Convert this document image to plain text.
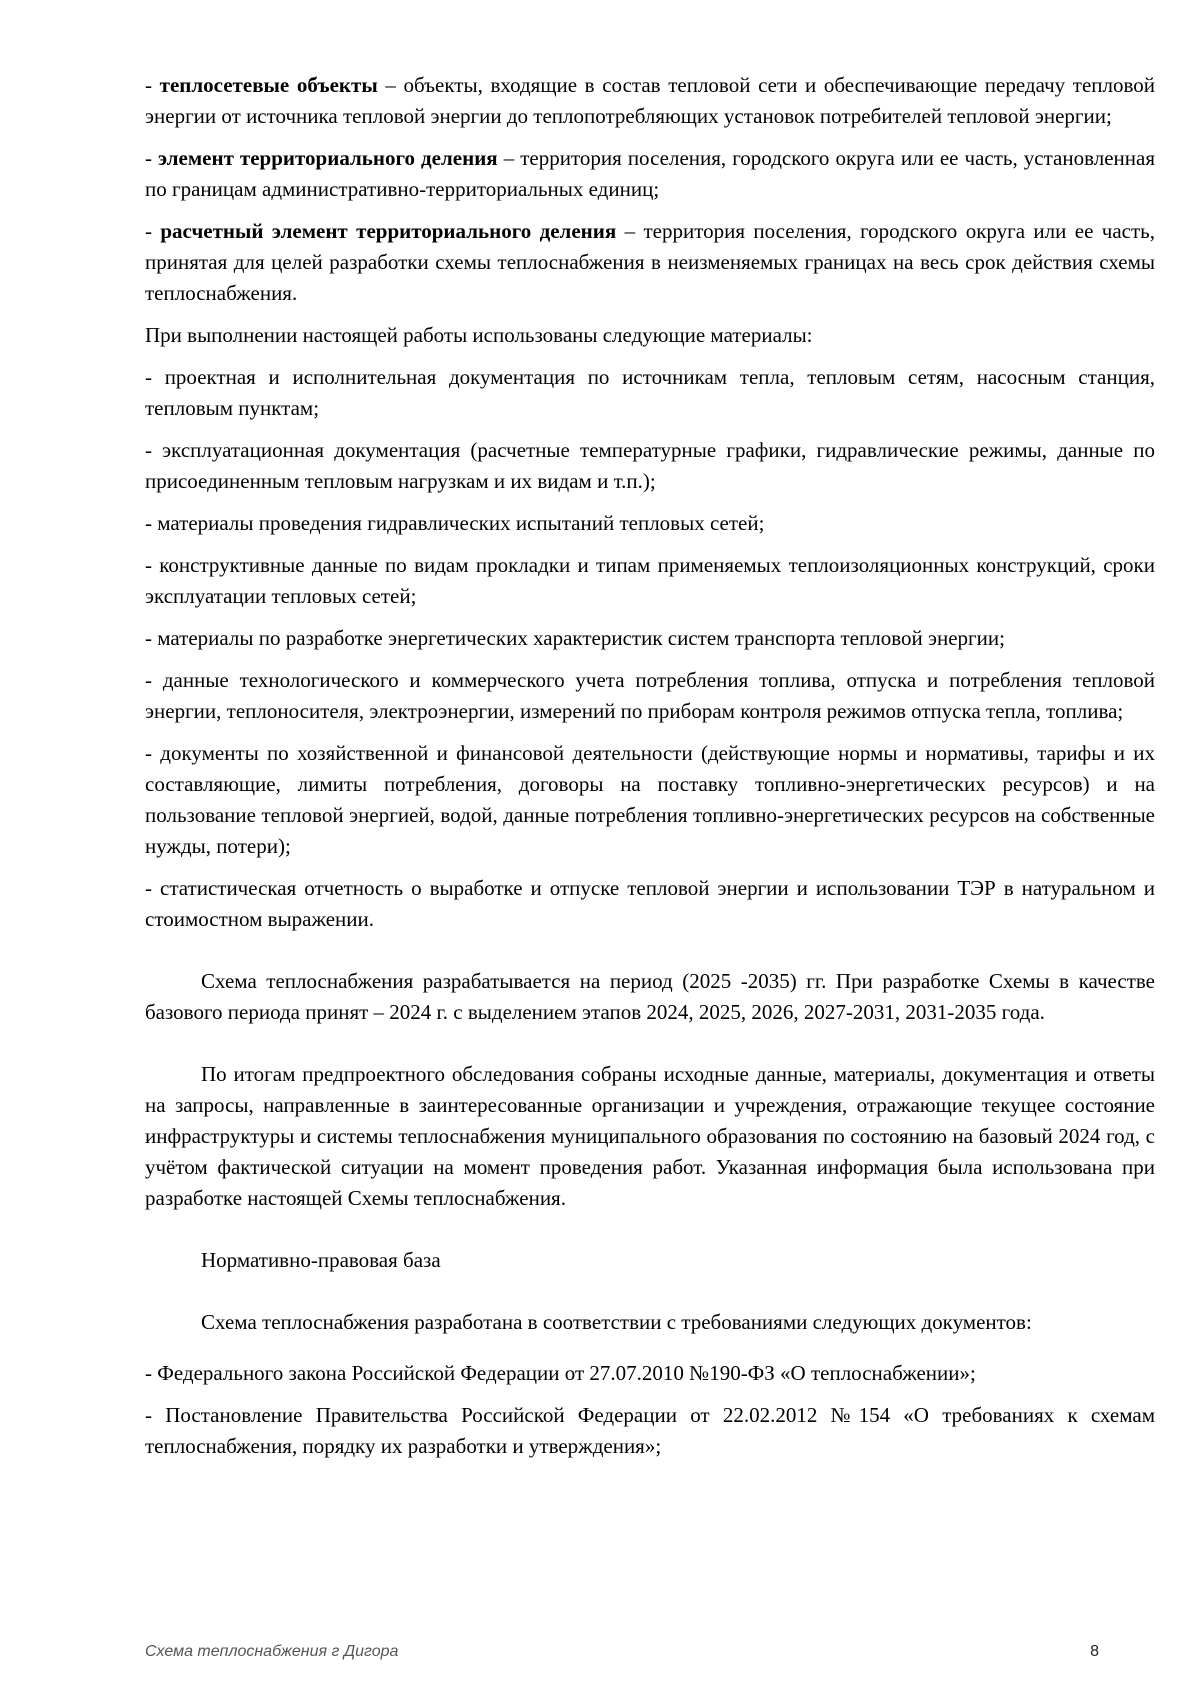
- теплосетевые объекты – объекты, входящие в состав тепловой сети и обеспечивающие передачу тепловой энергии от источника тепловой энергии до теплопотребляющих установок потребителей тепловой энергии;

- элемент территориального деления – территория поселения, городского округа или ее часть, установленная по границам административно-территориальных единиц;

- расчетный элемент территориального деления – территория поселения, городского округа или ее часть, принятая для целей разработки схемы теплоснабжения в неизменяемых границах на весь срок действия схемы теплоснабжения.

При выполнении настоящей работы использованы следующие материалы:

- проектная и исполнительная документация по источникам тепла, тепловым сетям, насосным станция, тепловым пунктам;

- эксплуатационная документация (расчетные температурные графики, гидравлические режимы, данные по присоединенным тепловым нагрузкам и их видам и т.п.);

- материалы проведения гидравлических испытаний тепловых сетей;

- конструктивные данные по видам прокладки и типам применяемых теплоизоляционных конструкций, сроки эксплуатации тепловых сетей;

- материалы по разработке энергетических характеристик систем транспорта тепловой энергии;

- данные технологического и коммерческого учета потребления топлива, отпуска и потребления тепловой энергии, теплоносителя, электроэнергии, измерений по приборам контроля режимов отпуска тепла, топлива;

- документы по хозяйственной и финансовой деятельности (действующие нормы и нормативы, тарифы и их составляющие, лимиты потребления, договоры на поставку топливно-энергетических ресурсов) и на пользование тепловой энергией, водой, данные потребления топливно-энергетических ресурсов на собственные нужды, потери);

- статистическая отчетность о выработке и отпуске тепловой энергии и использовании ТЭР в натуральном и стоимостном выражении.

Схема теплоснабжения разрабатывается на период (2025 -2035) гг. При разработке Схемы в качестве базового периода принят – 2024 г. с выделением этапов 2024, 2025, 2026, 2027-2031, 2031-2035 года.

По итогам предпроектного обследования собраны исходные данные, материалы, документация и ответы на запросы, направленные в заинтересованные организации и учреждения, отражающие текущее состояние инфраструктуры и системы теплоснабжения муниципального образования по состоянию на базовый 2024 год, с учётом фактической ситуации на момент проведения работ. Указанная информация была использована при разработке настоящей Схемы теплоснабжения.

Нормативно-правовая база

Схема теплоснабжения разработана в соответствии с требованиями следующих документов:

- Федерального закона Российской Федерации от 27.07.2010 №190-ФЗ «О теплоснабжении»;

- Постановление Правительства Российской Федерации от 22.02.2012 №154 «О требованиях к схемам теплоснабжения, порядку их разработки и утверждения»;

Схема теплоснабжения г Дигора	8
